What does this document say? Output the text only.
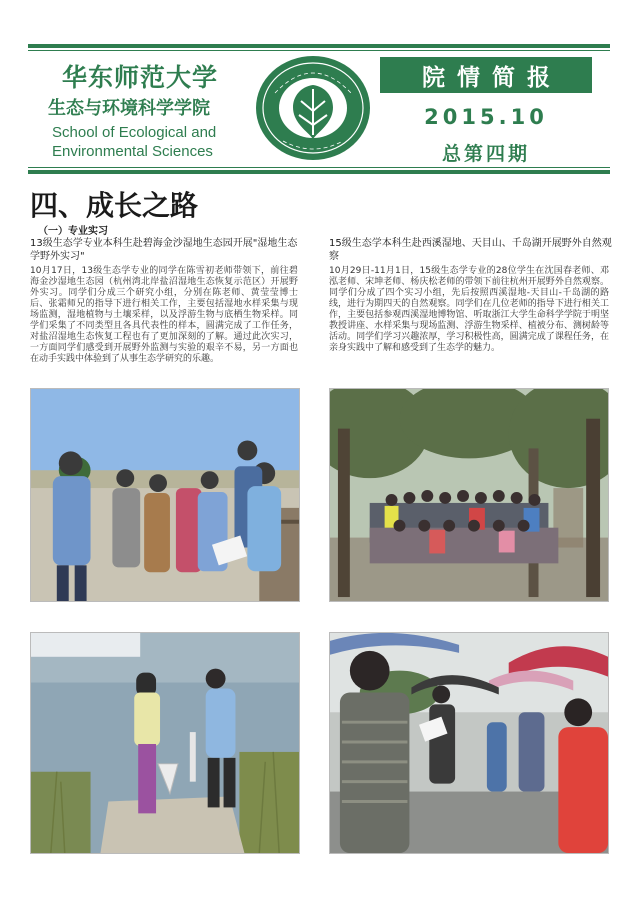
华东师范大学
生态与环境科学学院
School of Ecological and
Environmental Sciences
院情简报
2015.10
总第四期
四、成长之路
（一）专业实习
13级生态学专业本科生赴碧海金沙湿地生态园开展"湿地生态学野外实习"
10月17日，13级生态学专业的同学在陈雪初老师带领下，前往碧海金沙湿地生态园（杭州湾北岸盐沼湿地生态恢复示范区）开展野外实习。同学们分成三个研究小组，分别在陈老师、黄莹莹博士后、张霜师兄的指导下进行相关工作，主要包括湿地水样采集与现场监测，湿地植物与土壤采样，以及浮游生物与底栖生物采样。同学们采集了不同类型且各具代表性的样本，圆满完成了工作任务，对盐沼湿地生态恢复工程也有了更加深刻的了解。通过此次实习，一方面同学们感受到开展野外监测与实验的艰辛不易，另一方面也在动手实践中体验到了从事生态学研究的乐趣。
15级生态学本科生赴西溪湿地、天目山、千岛湖开展野外自然观察
10月29日-11月1日，15级生态学专业的28位学生在沈国春老师、邓泓老师、宋坤老师、杨庆松老师的带领下前往杭州开展野外自然观察。同学们分成了四个实习小组，先后按照西溪湿地-天目山-千岛湖的路线，进行为期四天的自然观察。同学们在几位老师的指导下进行相关工作，主要包括参观西溪湿地博物馆、听取浙江大学生命科学学院于明坚教授讲座、水样采集与现场监测、浮游生物采样、植被分布、测树龄等活动。同学们学习兴趣浓厚，学习积极性高，圆满完成了课程任务，在亲身实践中了解和感受到了生态学的魅力。
